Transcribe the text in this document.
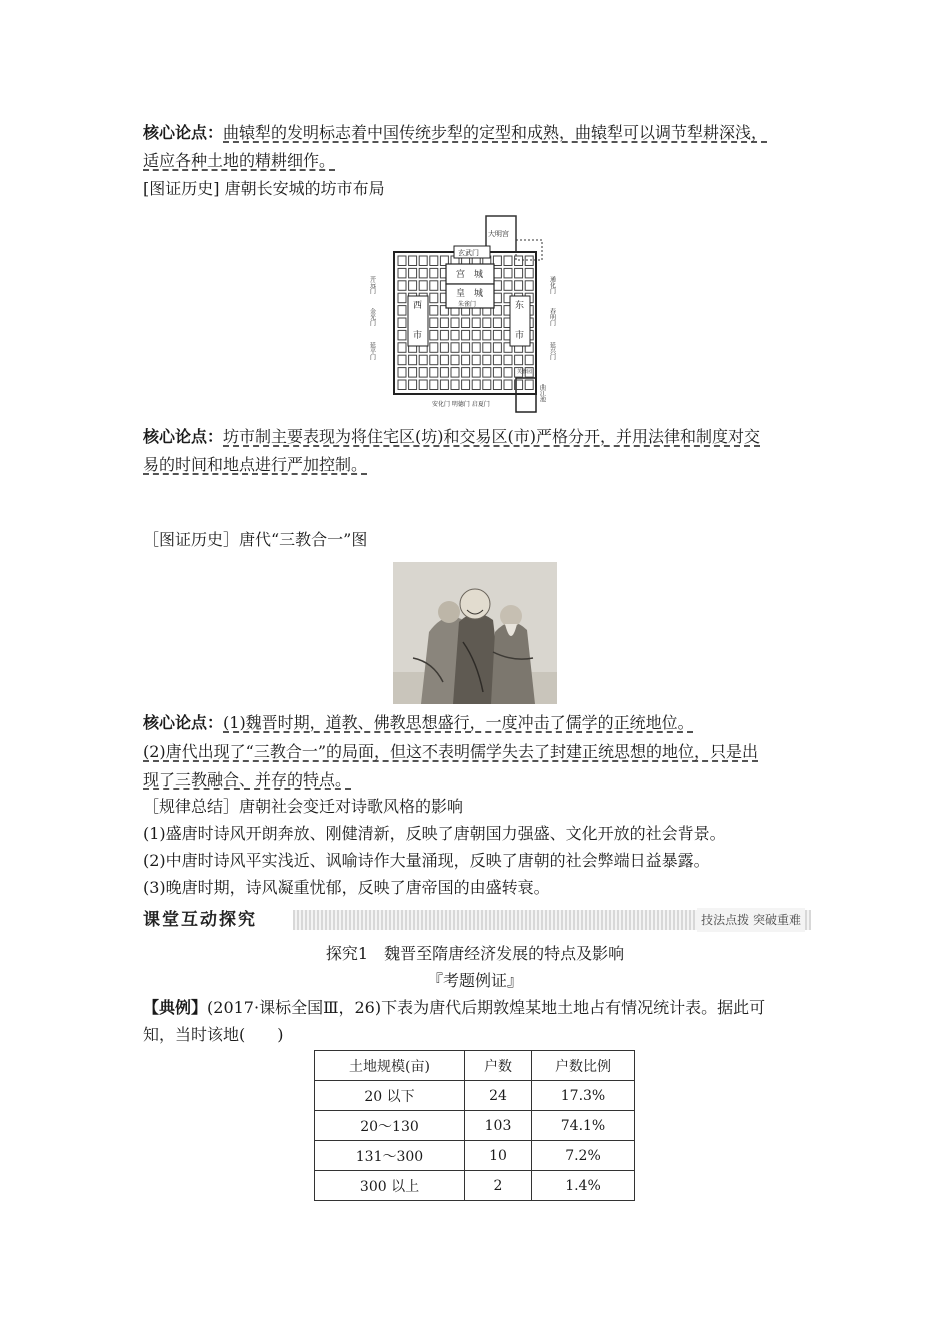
核心论点：曲辕犁的发明标志着中国传统步犁的定型和成熟，曲辕犁可以调节犁耕深浅，
适应各种土地的精耕细作。
[图证历史] 唐朝长安城的坊市布局
大明宫
玄武门
宫　城
皇　城
朱雀门
西
市
东
市
开远门
金光门
延平门
通化门
春明门
延兴门
芙蓉园
曲江池
安化门 明德门 启夏门
核心论点：坊市制主要表现为将住宅区(坊)和交易区(市)严格分开，并用法律和制度对交
易的时间和地点进行严加控制。
［图证历史］唐代“三教合一”图
核心论点：(1)魏晋时期，道教、佛教思想盛行，一度冲击了儒学的正统地位。
(2)唐代出现了“三教合一”的局面，但这不表明儒学失去了封建正统思想的地位，只是出
现了三教融合、并存的特点。
［规律总结］唐朝社会变迁对诗歌风格的影响
(1)盛唐时诗风开朗奔放、刚健清新，反映了唐朝国力强盛、文化开放的社会背景。
(2)中唐时诗风平实浅近、讽喻诗作大量涌现，反映了唐朝的社会弊端日益暴露。
(3)晚唐时期，诗风凝重忧郁，反映了唐帝国的由盛转衰。
课堂互动探究	技法点拨 突破重难
探究1　魏晋至隋唐经济发展的特点及影响
『考题例证』
【典例】(2017·课标全国Ⅲ，26)下表为唐代后期敦煌某地土地占有情况统计表。据此可
知，当时该地(　　)
土地规模(亩)	户数	户数比例
20 以下	24	17.3%
20～130	103	74.1%
131～300	10	7.2%
300 以上	2	1.4%
